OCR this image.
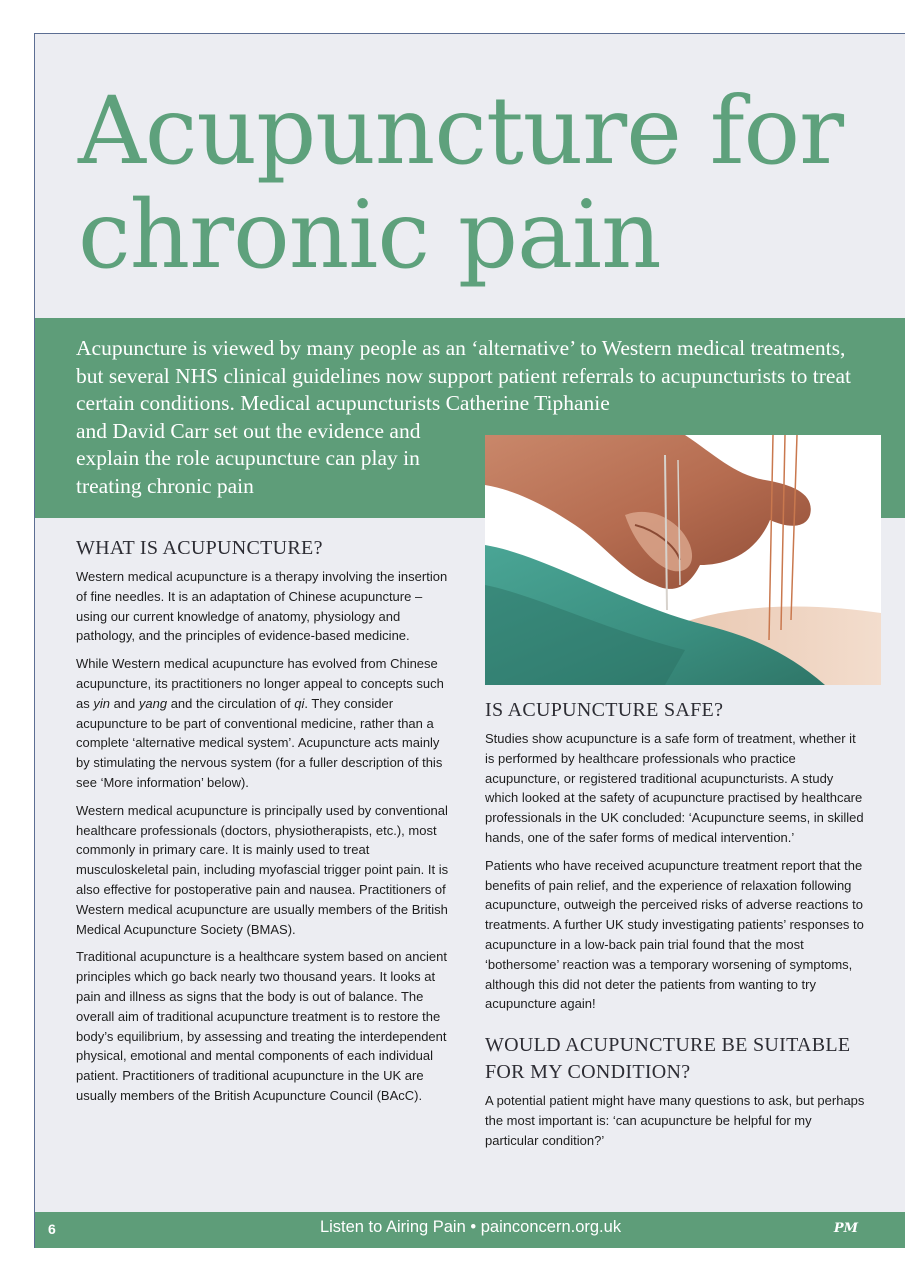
Acupuncture for chronic pain

Acupuncture is viewed by many people as an ‘alternative’ to Western medical treatments, but several NHS clinical guidelines now support patient referrals to acupuncturists to treat certain conditions. Medical acupuncturists Catherine Tiphanie
and David Carr set out the evidence and explain the role acupuncture can play in treating chronic pain

WHAT IS ACUPUNCTURE?

Western medical acupuncture is a therapy involving the insertion of fine needles. It is an adaptation of Chinese acupuncture – using our current knowledge of anatomy, physiology and pathology, and the principles of evidence-based medicine.

While Western medical acupuncture has evolved from Chinese acupuncture, its practitioners no longer appeal to concepts such as yin and yang and the circulation of qi. They consider acupuncture to be part of conventional medicine, rather than a complete ‘alternative medical system’. Acupuncture acts mainly by stimulating the nervous system (for a fuller description of this see ‘More information’ below).

Western medical acupuncture is principally used by conventional healthcare professionals (doctors, physiotherapists, etc.), most commonly in primary care. It is mainly used to treat musculoskeletal pain, including myofascial trigger point pain. It is also effective for postoperative pain and nausea. Practitioners of Western medical acupuncture are usually members of the British Medical Acupuncture Society (BMAS).

Traditional acupuncture is a healthcare system based on ancient principles which go back nearly two thousand years. It looks at pain and illness as signs that the body is out of balance. The overall aim of traditional acupuncture treatment is to restore the body’s equilibrium, by assessing and treating the interdependent physical, emotional and mental components of each individual patient. Practitioners of traditional acupuncture in the UK are usually members of the British Acupuncture Council (BAcC).

IS ACUPUNCTURE SAFE?

Studies show acupuncture is a safe form of treatment, whether it is performed by healthcare professionals who practice acupuncture, or registered traditional acupuncturists. A study which looked at the safety of acupuncture practised by healthcare professionals in the UK concluded: ‘Acupuncture seems, in skilled hands, one of the safer forms of medical intervention.’

Patients who have received acupuncture treatment report that the benefits of pain relief, and the experience of relaxation following acupuncture, outweigh the perceived risks of adverse reactions to treatments. A further UK study investigating patients’ responses to acupuncture in a low-back pain trial found that the most ‘bothersome’ reaction was a temporary worsening of symptoms, although this did not deter the patients from wanting to try acupuncture again!

WOULD ACUPUNCTURE BE SUITABLE FOR MY CONDITION?

A potential patient might have many questions to ask, but perhaps the most important is: ‘can acupuncture be helpful for my particular condition?’

6	Listen to Airing Pain • painconcern.org.uk	PM
